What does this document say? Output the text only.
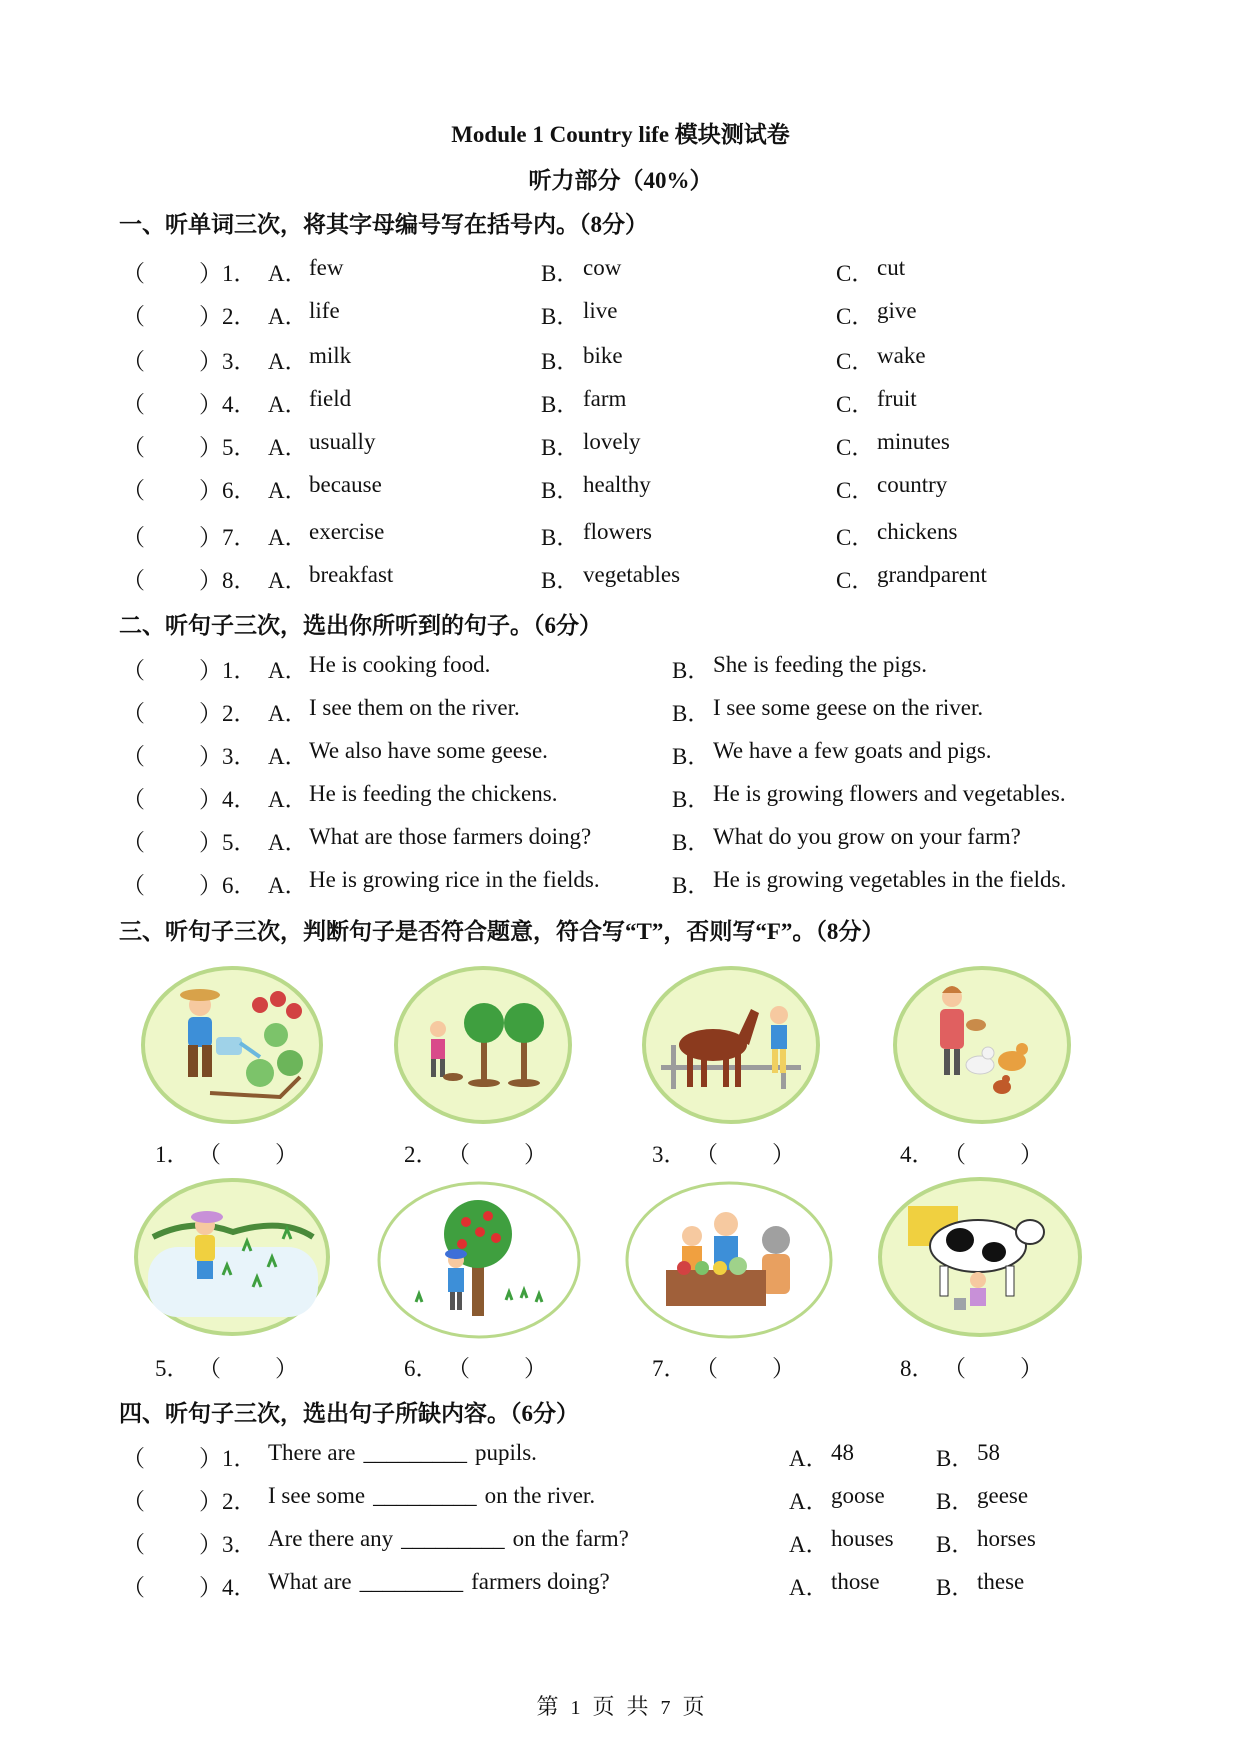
Module 1 Country life 模块测试卷
听力部分（40%）
一、听单词三次，将其字母编号写在括号内。（8分）
（ ） 1． A． few	B． cow	C． cut
（ ） 2． A． life	B． live	C． give
（ ） 3． A． milk	B． bike	C． wake
（ ） 4． A． field	B． farm	C． fruit
（ ） 5． A． usually	B． lovely	C． minutes
（ ） 6． A． because	B． healthy	C． country
（ ） 7． A． exercise	B． flowers	C． chickens
（ ） 8． A． breakfast	B． vegetables	C． grandparent
二、听句子三次，选出你所听到的句子。（6分）
（ ） 1． A． He is cooking food.	B． She is feeding the pigs.
（ ） 2． A． I see them on the river.	B． I see some geese on the river.
（ ） 3． A． We also have some geese.	B． We have a few goats and pigs.
（ ） 4． A． He is feeding the chickens.	B． He is growing flowers and vegetables.
（ ） 5． A． What are those farmers doing?	B． What do you grow on your farm?
（ ） 6． A． He is growing rice in the fields.	B． He is growing vegetables in the fields.
三、听句子三次，判断句子是否符合题意，符合写“T”，否则写“F”。（8分）
1． （ ）	2． （ ）	3． （ ）	4． （ ）
5． （ ）	6． （ ）	7． （ ）	8． （ ）
四、听句子三次，选出句子所缺内容。（6分）
（ ） 1． There are _________ pupils.	A． 48	B． 58
（ ） 2． I see some _________ on the river.	A． goose B． geese
（ ） 3． Are there any _________ on the farm?	A． houses B． horses
（ ） 4． What are _________ farmers doing?	A． those B． these
第 1 页 共 7 页
